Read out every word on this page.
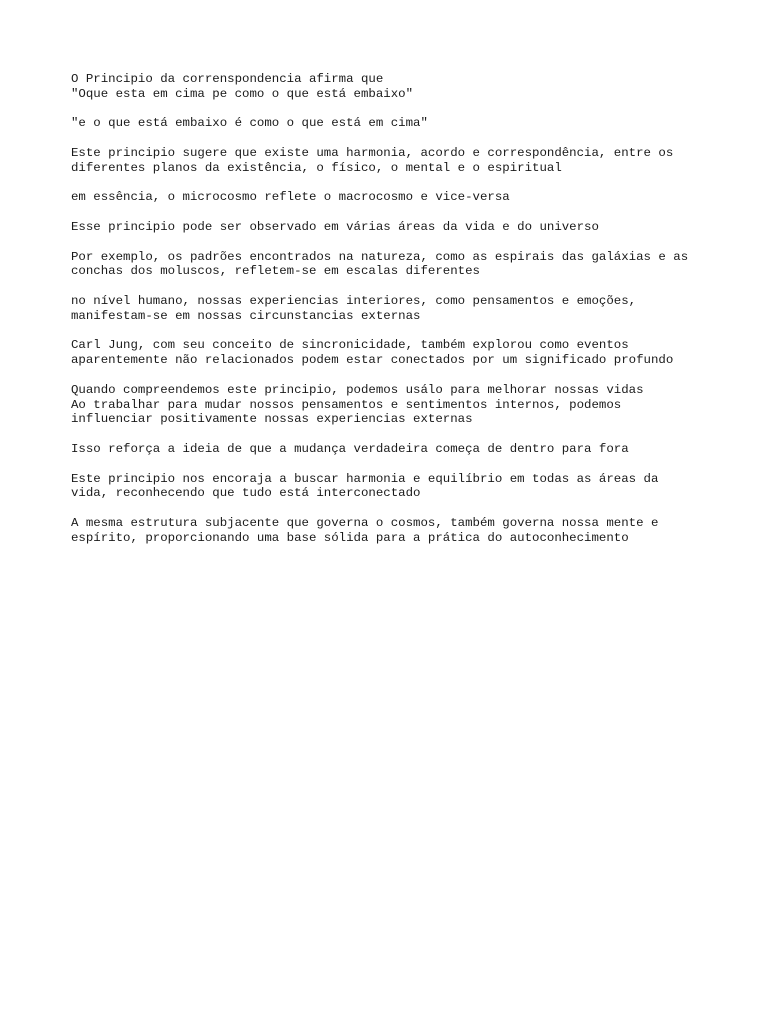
O Principio da correnspondencia afirma que
"Oque esta em cima pe como o que está embaixo"

"e o que está embaixo é como o que está em cima"

Este principio sugere que existe uma harmonia, acordo e correspondência, entre os
diferentes planos da existência, o físico, o mental e o espiritual

em essência, o microcosmo reflete o macrocosmo e vice-versa

Esse principio pode ser observado em várias áreas da vida e do universo

Por exemplo, os padrões encontrados na natureza, como as espirais das galáxias e as
conchas dos moluscos, refletem-se em escalas diferentes

no nível humano, nossas experiencias interiores, como pensamentos e emoções,
manifestam-se em nossas circunstancias externas

Carl Jung, com seu conceito de sincronicidade, também explorou como eventos
aparentemente não relacionados podem estar conectados por um significado profundo

Quando compreendemos este principio, podemos usálo para melhorar nossas vidas
Ao trabalhar para mudar nossos pensamentos e sentimentos internos, podemos
influenciar positivamente nossas experiencias externas

Isso reforça a ideia de que a mudança verdadeira começa de dentro para fora

Este principio nos encoraja a buscar harmonia e equilíbrio em todas as áreas da
vida, reconhecendo que tudo está interconectado

A mesma estrutura subjacente que governa o cosmos, também governa nossa mente e
espírito, proporcionando uma base sólida para a prática do autoconhecimento
